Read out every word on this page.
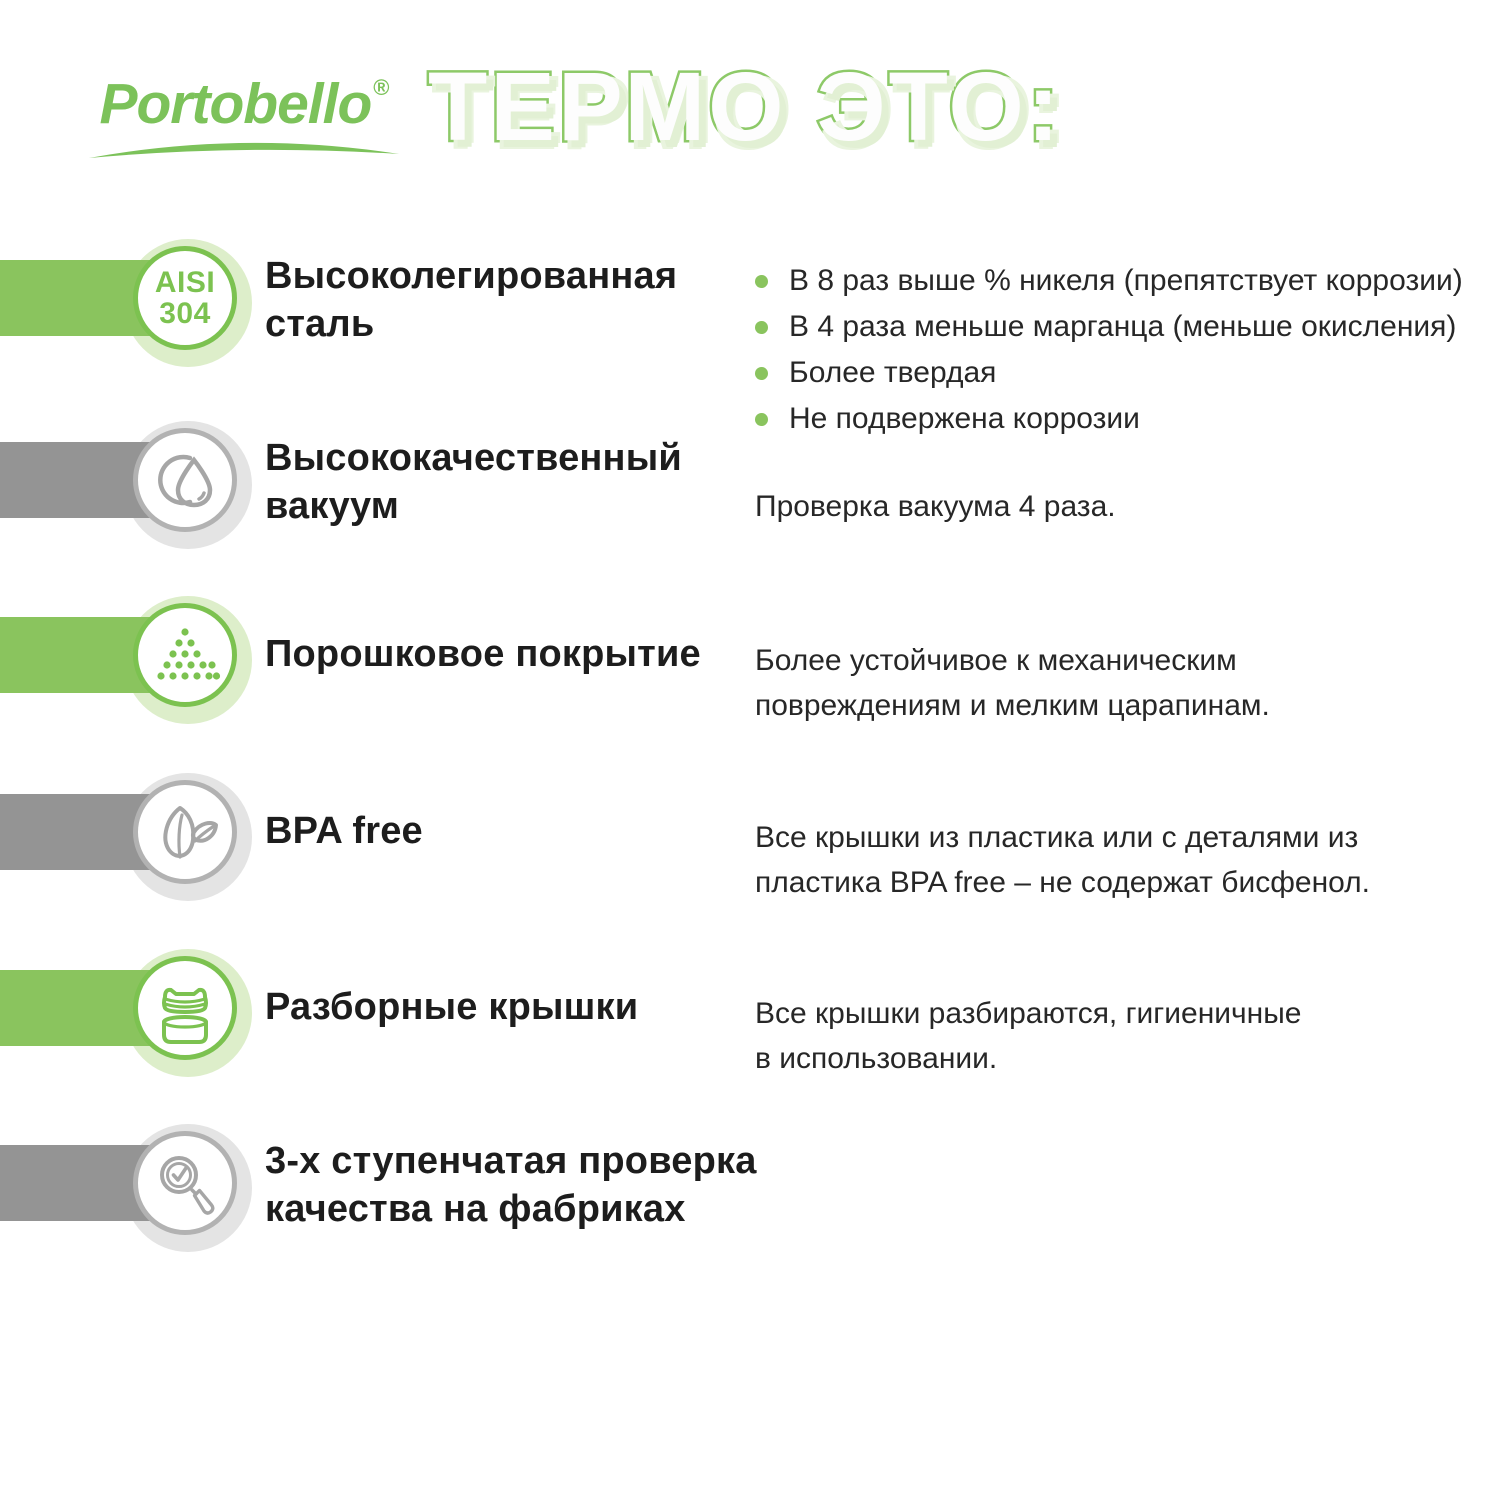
Portobello® ТЕРМО ЭТО:
AISI
304
Высоколегированная
сталь
В 8 раз выше % никеля (препятствует коррозии)
В 4 раза меньше марганца (меньше окисления)
Более твердая
Не подвержена коррозии
Высококачественный
вакуум	Проверка вакуума 4 раза.
Порошковое покрытие Более устойчивое к механическим
повреждениям и мелким царапинам.
BPA free	Все крышки из пластика или с деталями из
пластика BPA free – не содержат бисфенол.
Разборные крышки	Все крышки разбираются, гигиеничные
в использовании.
3-х ступенчатая проверка
качества на фабриках
